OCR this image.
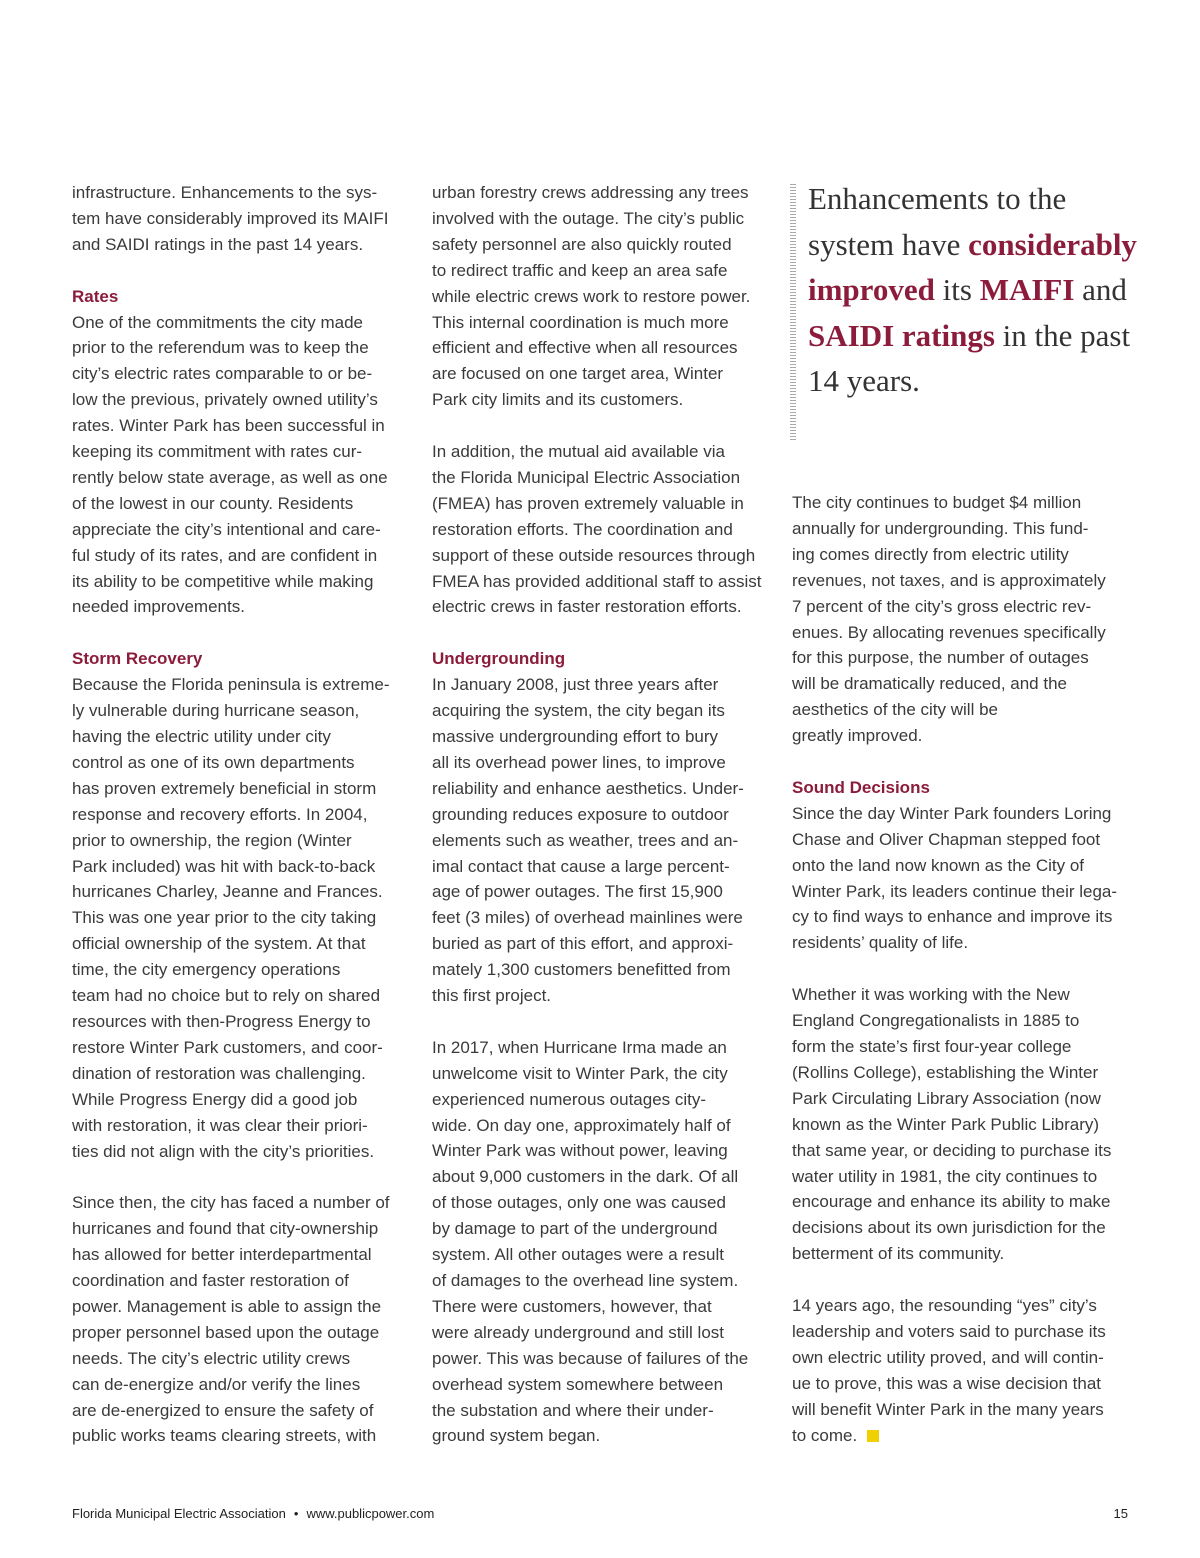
infrastructure. Enhancements to the sys-
tem have considerably improved its MAIFI
and SAIDI ratings in the past 14 years.

Rates

One of the commitments the city made
prior to the referendum was to keep the
city’s electric rates comparable to or be-
low the previous, privately owned utility’s
rates. Winter Park has been successful in
keeping its commitment with rates cur-
rently below state average, as well as one
of the lowest in our county. Residents
appreciate the city’s intentional and care-
ful study of its rates, and are confident in
its ability to be competitive while making
needed improvements.

Storm Recovery

Because the Florida peninsula is extreme-
ly vulnerable during hurricane season,
having the electric utility under city
control as one of its own departments
has proven extremely beneficial in storm
response and recovery efforts. In 2004,
prior to ownership, the region (Winter
Park included) was hit with back-to-back
hurricanes Charley, Jeanne and Frances.
This was one year prior to the city taking
official ownership of the system. At that
time, the city emergency operations
team had no choice but to rely on shared
resources with then-Progress Energy to
restore Winter Park customers, and coor-
dination of restoration was challenging.
While Progress Energy did a good job
with restoration, it was clear their priori-
ties did not align with the city’s priorities.

Since then, the city has faced a number of
hurricanes and found that city-ownership
has allowed for better interdepartmental
coordination and faster restoration of
power. Management is able to assign the
proper personnel based upon the outage
needs. The city’s electric utility crews
can de-energize and/or verify the lines
are de-energized to ensure the safety of
public works teams clearing streets, with

urban forestry crews addressing any trees
involved with the outage. The city’s public
safety personnel are also quickly routed
to redirect traffic and keep an area safe
while electric crews work to restore power.
This internal coordination is much more
efficient and effective when all resources
are focused on one target area, Winter
Park city limits and its customers.

In addition, the mutual aid available via
the Florida Municipal Electric Association
(FMEA) has proven extremely valuable in
restoration efforts. The coordination and
support of these outside resources through
FMEA has provided additional staff to assist
electric crews in faster restoration efforts.

Undergrounding

In January 2008, just three years after
acquiring the system, the city began its
massive undergrounding effort to bury
all its overhead power lines, to improve
reliability and enhance aesthetics. Under-
grounding reduces exposure to outdoor
elements such as weather, trees and an-
imal contact that cause a large percent-
age of power outages. The first 15,900
feet (3 miles) of overhead mainlines were
buried as part of this effort, and approxi-
mately 1,300 customers benefitted from
this first project.

In 2017, when Hurricane Irma made an
unwelcome visit to Winter Park, the city
experienced numerous outages city-
wide. On day one, approximately half of
Winter Park was without power, leaving
about 9,000 customers in the dark. Of all
of those outages, only one was caused
by damage to part of the underground
system. All other outages were a result
of damages to the overhead line system.
There were customers, however, that
were already underground and still lost
power. This was because of failures of the
overhead system somewhere between
the substation and where their under-
ground system began.

Enhancements to the system have considerably improved its MAIFI and SAIDI ratings in the past 14 years.

The city continues to budget $4 million
annually for undergrounding. This fund-
ing comes directly from electric utility
revenues, not taxes, and is approximately
7 percent of the city’s gross electric rev-
enues. By allocating revenues specifically
for this purpose, the number of outages
will be dramatically reduced, and the
aesthetics of the city will be
greatly improved.

Sound Decisions

Since the day Winter Park founders Loring
Chase and Oliver Chapman stepped foot
onto the land now known as the City of
Winter Park, its leaders continue their lega-
cy to find ways to enhance and improve its
residents’ quality of life.

Whether it was working with the New
England Congregationalists in 1885 to
form the state’s first four-year college
(Rollins College), establishing the Winter
Park Circulating Library Association (now
known as the Winter Park Public Library)
that same year, or deciding to purchase its
water utility in 1981, the city continues to
encourage and enhance its ability to make
decisions about its own jurisdiction for the
betterment of its community.

14 years ago, the resounding “yes” city’s
leadership and voters said to purchase its
own electric utility proved, and will contin-
ue to prove, this was a wise decision that
will benefit Winter Park in the many years
to come.

Florida Municipal Electric Association • www.publicpower.com	15
